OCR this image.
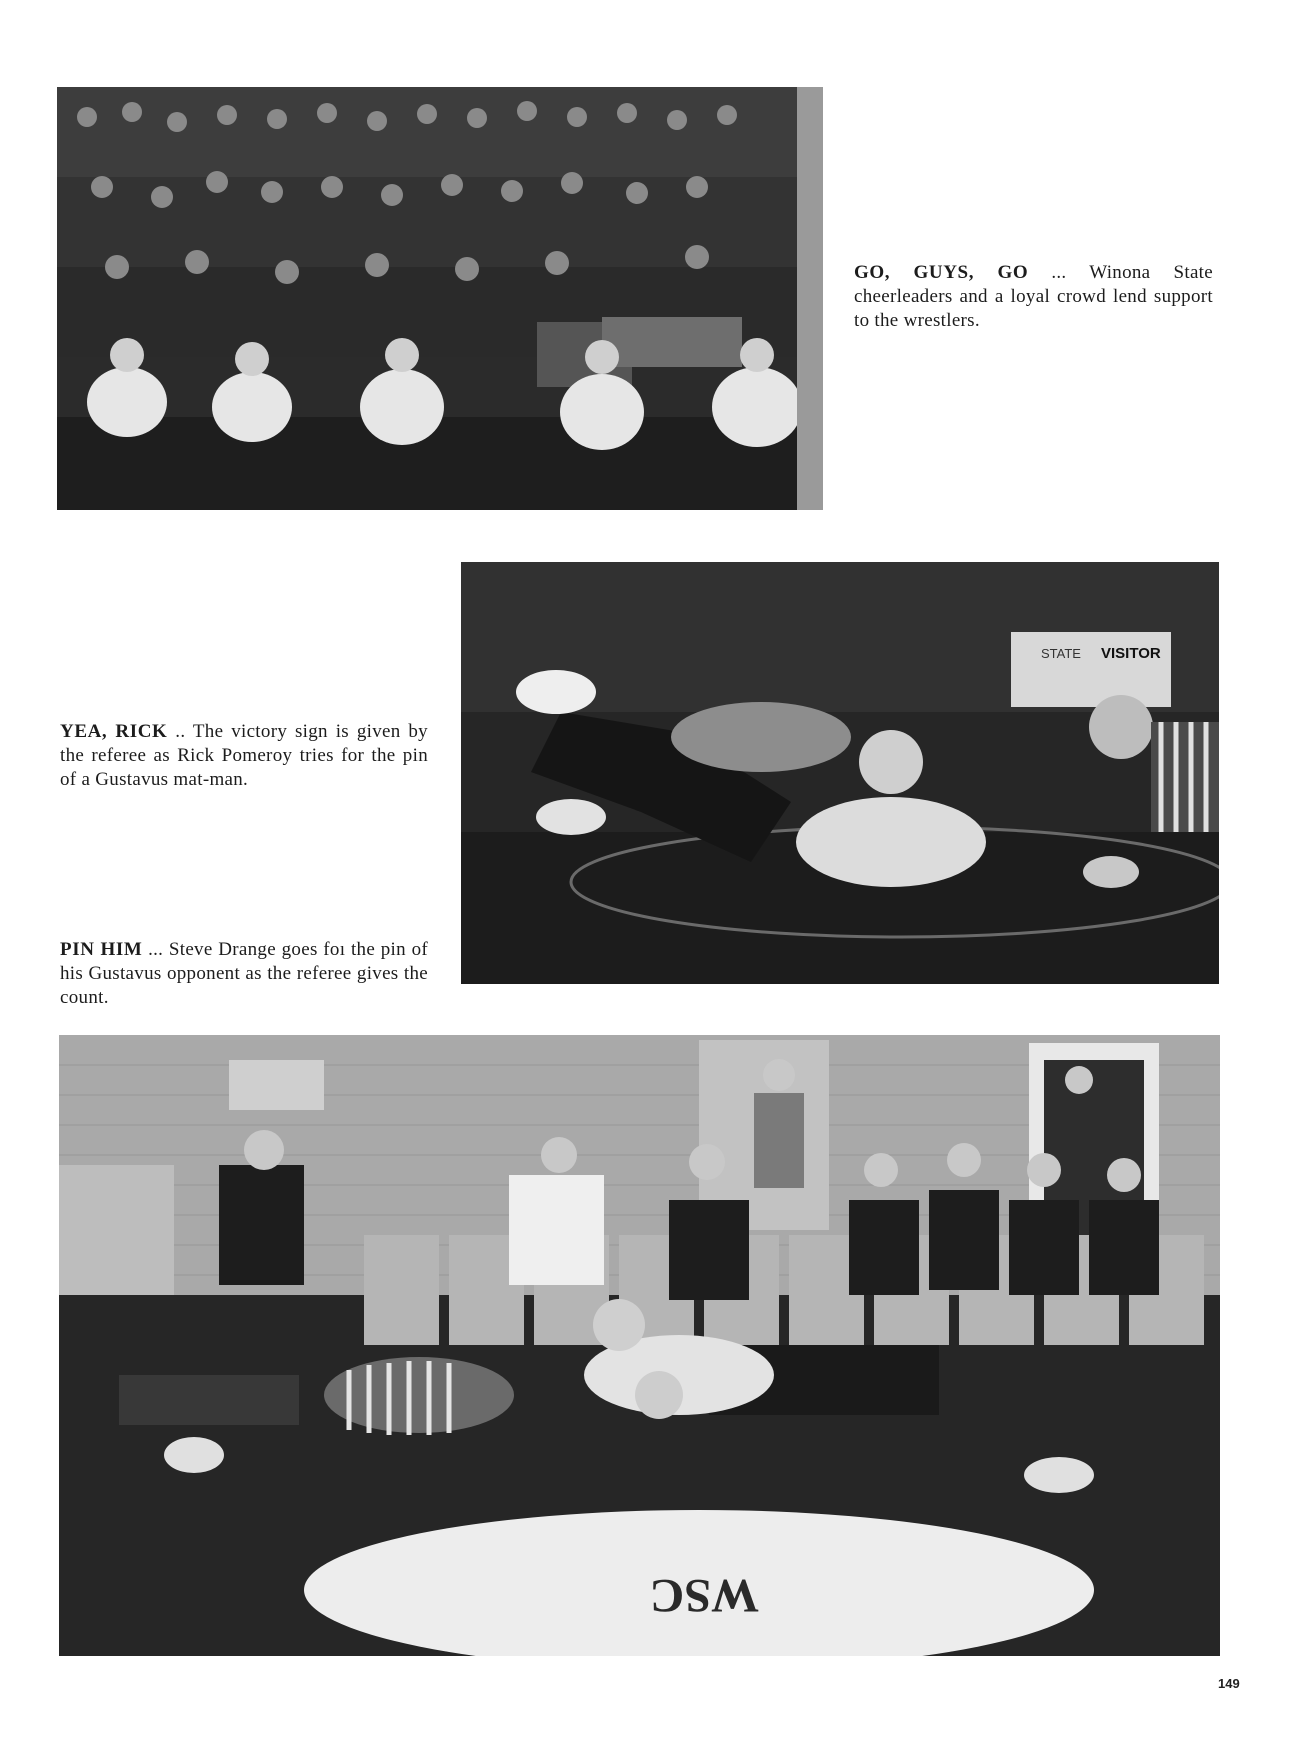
GO, GUYS, GO ... Winona State cheerleaders and a loyal crowd lend support to the wrestlers.
STATE VISITOR
YEA, RICK .. The victory sign is given by the referee as Rick Pomeroy tries for the pin of a Gustavus mat-man.
PIN HIM ... Steve Drange goes foı the pin of his Gustavus opponent as the referee gives the count.
WSC
149
